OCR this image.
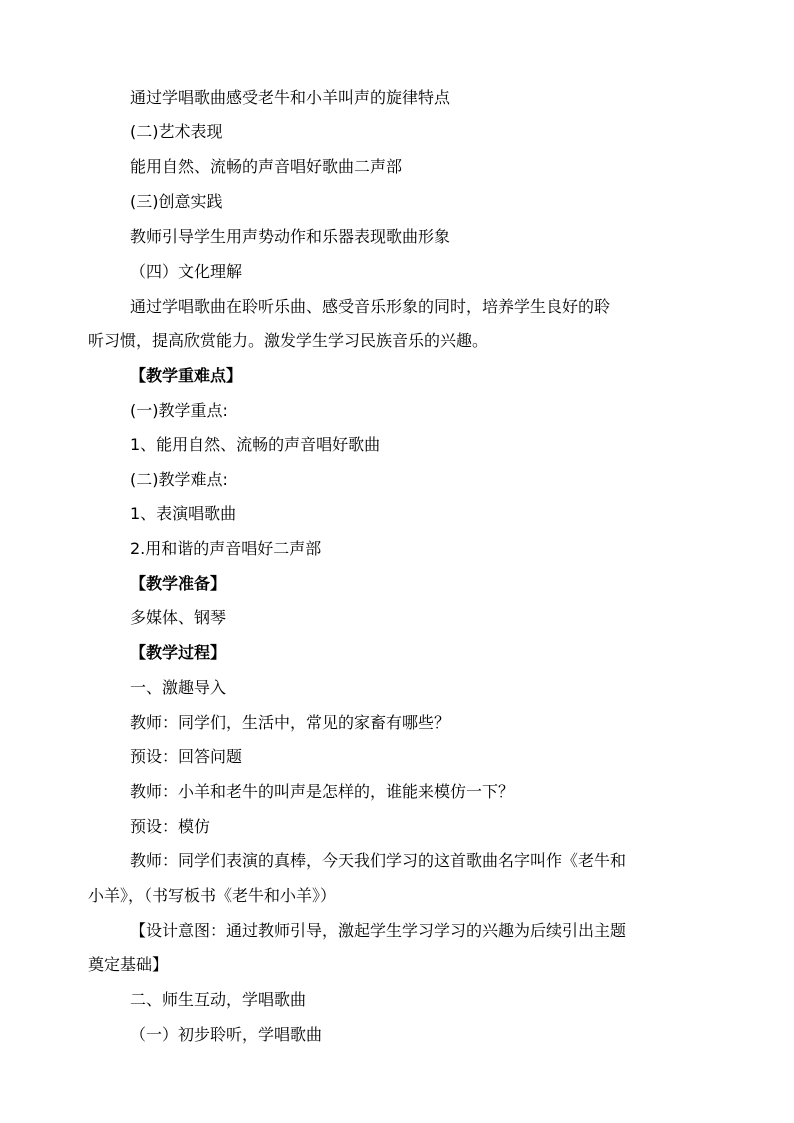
通过学唱歌曲感受老牛和小羊叫声的旋律特点
(二)艺术表现
能用自然、流畅的声音唱好歌曲二声部
(三)创意实践
教师引导学生用声势动作和乐器表现歌曲形象
（四）文化理解
通过学唱歌曲在聆听乐曲、感受音乐形象的同时，培养学生良好的聆
听习惯，提高欣赏能力。激发学生学习民族音乐的兴趣。
【教学重难点】
(一)教学重点:
1、能用自然、流畅的声音唱好歌曲
(二)教学难点:
1、表演唱歌曲
2.用和谐的声音唱好二声部
【教学准备】
多媒体、钢琴
【教学过程】
一、激趣导入
教师：同学们，生活中，常见的家畜有哪些？
预设：回答问题
教师：小羊和老牛的叫声是怎样的，谁能来模仿一下？
预设：模仿
教师：同学们表演的真棒，今天我们学习的这首歌曲名字叫作《老牛和
小羊》，（书写板书《老牛和小羊》）
【设计意图：通过教师引导，激起学生学习学习的兴趣为后续引出主题
奠定基础】
二、师生互动，学唱歌曲
（一）初步聆听，学唱歌曲
